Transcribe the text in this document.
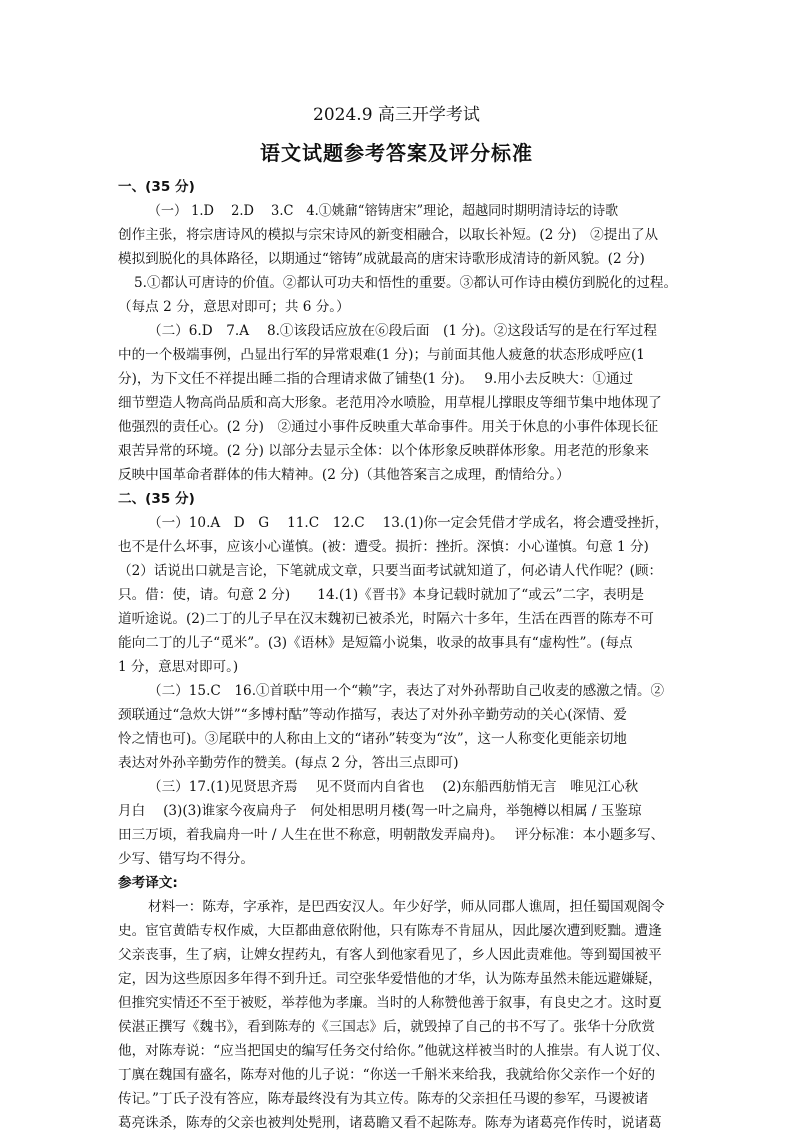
2024.9 高三开学考试
语文试题参考答案及评分标准
一、(35 分)
（一） 1.D　 2.D　 3.C　4.①姚鼐“镕铸唐宋”理论，超越同时期明清诗坛的诗歌
创作主张，将宗唐诗风的模拟与宗宋诗风的新变相融合，以取长补短。(2 分)　②提出了从
模拟到脱化的具体路径，以期通过“镕铸”成就最高的唐宋诗歌形成清诗的新风貌。(2 分)
5.①都认可唐诗的价值。②都认可功夫和悟性的重要。③都认可作诗由模仿到脱化的过程。
（每点 2 分，意思对即可；共 6 分。）
（二）6.D　7.A　 8.①该段话应放在⑥段后面　(1 分)。②这段话写的是在行军过程
中的一个极端事例，凸显出行军的异常艰难(1 分)；与前面其他人疲惫的状态形成呼应(1
分)，为下文任不祥提出睡二指的合理请求做了铺垫(1 分)。　 9.用小去反映大：①通过
细节塑造人物高尚品质和高大形象。老范用冷水喷脸，用草棍儿撑眼皮等细节集中地体现了
他强烈的责任心。(2 分)　②通过小事件反映重大革命事件。用关于休息的小事件体现长征
艰苦异常的环境。(2 分) 以部分去显示全体：以个体形象反映群体形象。用老范的形象来
反映中国革命者群体的伟大精神。(2 分)（其他答案言之成理，酌情给分。）
二、(35 分)
（一）10.A　D　G　 11.C　12.C　 13.(1)你一定会凭借才学成名，将会遭受挫折，
也不是什么坏事，应该小心谨慎。(被：遭受。损折：挫折。深慎：小心谨慎。句意 1 分)
（2）话说出口就是言论，下笔就成文章，只要当面考试就知道了，何必请人代作呢？(顾：
只。借：使，请。句意 2 分)　　14.(1)《晋书》本身记载时就加了“或云”二字，表明是
道听途说。(2)二丁的儿子早在汉末魏初已被杀光，时隔六十多年，生活在西晋的陈寿不可
能向二丁的儿子“觅米”。(3)《语林》是短篇小说集，收录的故事具有“虚构性”。(每点
1 分，意思对即可。)
（二）15.C　16.①首联中用一个“赖”字，表达了对外孙帮助自己收麦的感激之情。②
颈联通过“急炊大饼”“多博村酤”等动作描写，表达了对外孙辛勤劳动的关心(深情、爱
怜之情也可)。③尾联中的人称由上文的“诸孙”转变为“汝”，这一人称变化更能亲切地
表达对外孙辛勤劳作的赞美。(每点 2 分，答出三点即可)
（三）17.(1)见贤思齐焉　 见不贤而内自省也　 (2)东船西舫悄无言　唯见江心秋
月白　 (3)(3)谁家今夜扁舟子　何处相思明月楼(驾一叶之扁舟，举匏樽以相属 / 玉鉴琼
田三万顷，着我扁舟一叶 / 人生在世不称意，明朝散发弄扁舟)。　 评分标准：本小题多写、
少写、错写均不得分。
参考译文:
材料一：陈寿，字承祚，是巴西安汉人。年少好学，师从同郡人谯周，担任蜀国观阁令
史。宦官黄皓专权作威，大臣都曲意依附他，只有陈寿不肯屈从，因此屡次遭到贬黜。遭逢
父亲丧事，生了病，让婢女捏药丸，有客人到他家看见了，乡人因此责难他。等到蜀国被平
定，因为这些原因多年得不到升迁。司空张华爱惜他的才华，认为陈寿虽然未能远避嫌疑，
但推究实情还不至于被贬，举荐他为孝廉。当时的人称赞他善于叙事，有良史之才。这时夏
侯湛正撰写《魏书》，看到陈寿的《三国志》后，就毁掉了自己的书不写了。张华十分欣赏
他，对陈寿说：“应当把国史的编写任务交付给你。”他就这样被当时的人推崇。有人说丁仪、
丁廙在魏国有盛名，陈寿对他的儿子说：“你送一千斛米来给我，我就给你父亲作一个好的
传记。”丁氏子没有答应，陈寿最终没有为其立传。陈寿的父亲担任马谡的参军，马谡被诸
葛亮诛杀，陈寿的父亲也被判处髡刑，诸葛瞻又看不起陈寿。陈寿为诸葛亮作传时，说诸葛
